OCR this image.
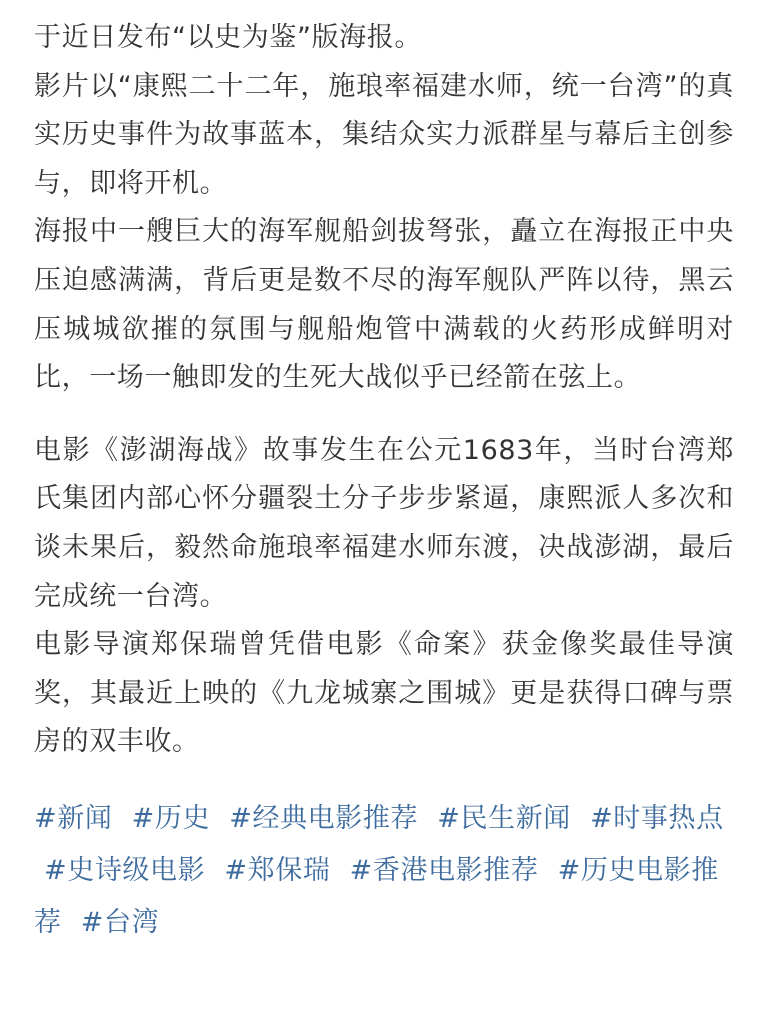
于近日发布“以史为鉴”版海报。

影片以“康熙二十二年，施琅率福建水师，统一台湾”的真实历史事件为故事蓝本，集结众实力派群星与幕后主创参与，即将开机。

海报中一艘巨大的海军舰船剑拔弩张，矗立在海报正中央压迫感满满，背后更是数不尽的海军舰队严阵以待，黑云压城城欲摧的氛围与舰船炮管中满载的火药形成鲜明对比，一场一触即发的生死大战似乎已经箭在弦上。

电影《澎湖海战》故事发生在公元1683年，当时台湾郑氏集团内部心怀分疆裂土分子步步紧逼，康熙派人多次和谈未果后，毅然命施琅率福建水师东渡，决战澎湖，最后完成统一台湾。

电影导演郑保瑞曾凭借电影《命案》获金像奖最佳导演奖，其最近上映的《九龙城寨之围城》更是获得口碑与票房的双丰收。

#新闻 #历史 #经典电影推荐 #民生新闻 #时事热点 #史诗级电影 #郑保瑞 #香港电影推荐 #历史电影推荐 #台湾
